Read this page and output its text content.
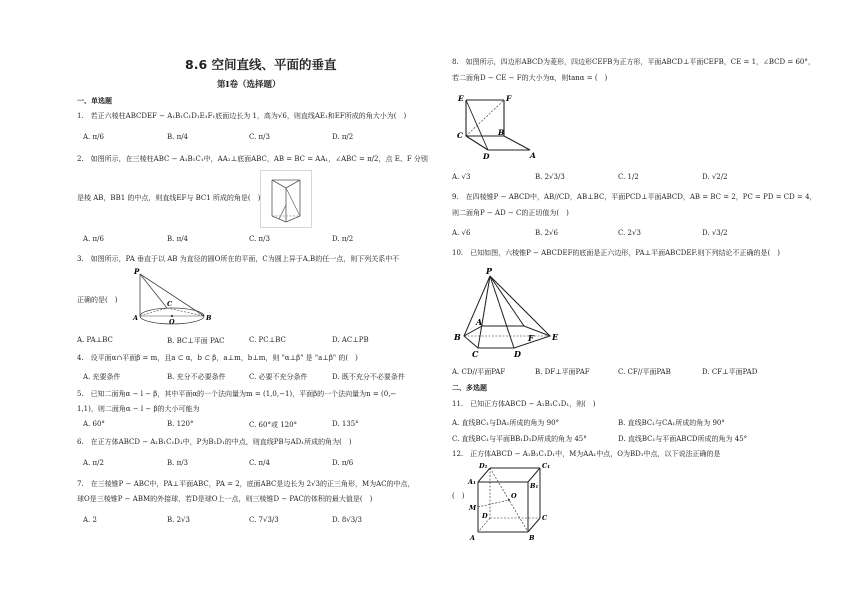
8.6 空间直线、平面的垂直
第Ⅰ卷（选择题）
一、单选题
1.　若正六棱柱ABCDEF − A₁B₁C₁D₁E₁F₁底面边长为 1，高为√6，则直线AE₁和EF所成的角大小为(　)
A. π/6	B. π/4	C. π/3	D. π/2
2.　如图所示，在三棱柱ABC − A₁B₁C₁中，AA₁⊥底面ABC，AB = BC = AA₁，∠ABC = π/2，点 E、F 分别
是棱 AB，BB1 的中点，则直线EF与 BC1 所成的角是(　)
A. π/6	B. π/4	C. π/3	D. π/2
3.　如图所示，PA 垂直于以 AB 为直径的圆O所在的平面，C为圆上异于A,B的任一点，则下列关系中不
正确的是(　)
P
C
A	O	B
A. PA⊥BC	B. BC⊥平面 PAC	C. PC⊥BC	D. AC⊥PB
4.　设平面α∩平面β = m，且a ⊂ α，b ⊂ β，a⊥m，b⊥m，则 "α⊥β" 是 "a⊥β" 的(　)
A. 充要条件	B. 充分不必要条件	C. 必要不充分条件	D. 既不充分不必要条件
5.　已知二面角α − l − β，其中平面α的一个法向量为m = (1,0,−1)，平面β的一个法向量为n = (0,−
1,1)，则二面角α − l − β的大小可能为
A. 60°	B. 120°	C. 60°或 120°	D. 135°
6.　在正方体ABCD − A₁B₁C₁D₁中，P为B₁D₁的中点，则直线PB与AD₁所成的角为(　)
A. π/2	B. π/3	C. π/4	D. π/6
7.　在三棱锥P − ABC中，PA⊥平面ABC，PA = 2，底面ABC是边长为 2√3的正三角形，M为AC的中点，
球O是三棱锥P − ABM的外接球，若D是球O上一点，则三棱锥D − PAC的体积的最大值是(　)
A. 2	B. 2√3	C. 7√3/3	D. 8√3/3
8.　如图所示，四边形ABCD为菱形，四边形CEFB为正方形，平面ABCD⊥平面CEFB，CE = 1，∠BCD = 60°，
若二面角D − CE − F的大小为α，则tanα = (　)
E	F
C	B
D	A
A. √3	B. 2√3/3	C. 1/2	D. √2/2
9.　在四棱锥P − ABCD中，AB//CD，AB⊥BC，平面PCD⊥平面ABCD，AB = BC = 2，PC = PD = CD = 4，
则二面角P − AD − C的正切值为(　)
A. √6	B. 2√6	C. 2√3	D. √3/2
10.　已知如图，六棱锥P − ABCDEF的底面是正六边形，PA⊥平面ABCDEF.则下列结论不正确的是(　)
P
B
C	D
A
F E
A. CD//平面PAF	B. DF⊥平面PAF	C. CF//平面PAB	D. CF⊥平面PAD
二、多选题
11.　已知正方体ABCD − A₁B₁C₁D₁，则(　)
A. 直线BC₁与DA₁所成的角为 90°	B. 直线BC₁与CA₁所成的角为 90°
C. 直线BC₁与平面BB₁D₁D所成的角为 45°	D. 直线BC₁与平面ABCD所成的角为 45°
12.　正方体ABCD − A₁B₁C₁D₁中，M为AA₁中点，O为BD₁中点，以下说法正确的是
(　)
D₁
A₁	B₁
C₁
M
O
D	C
A	B
